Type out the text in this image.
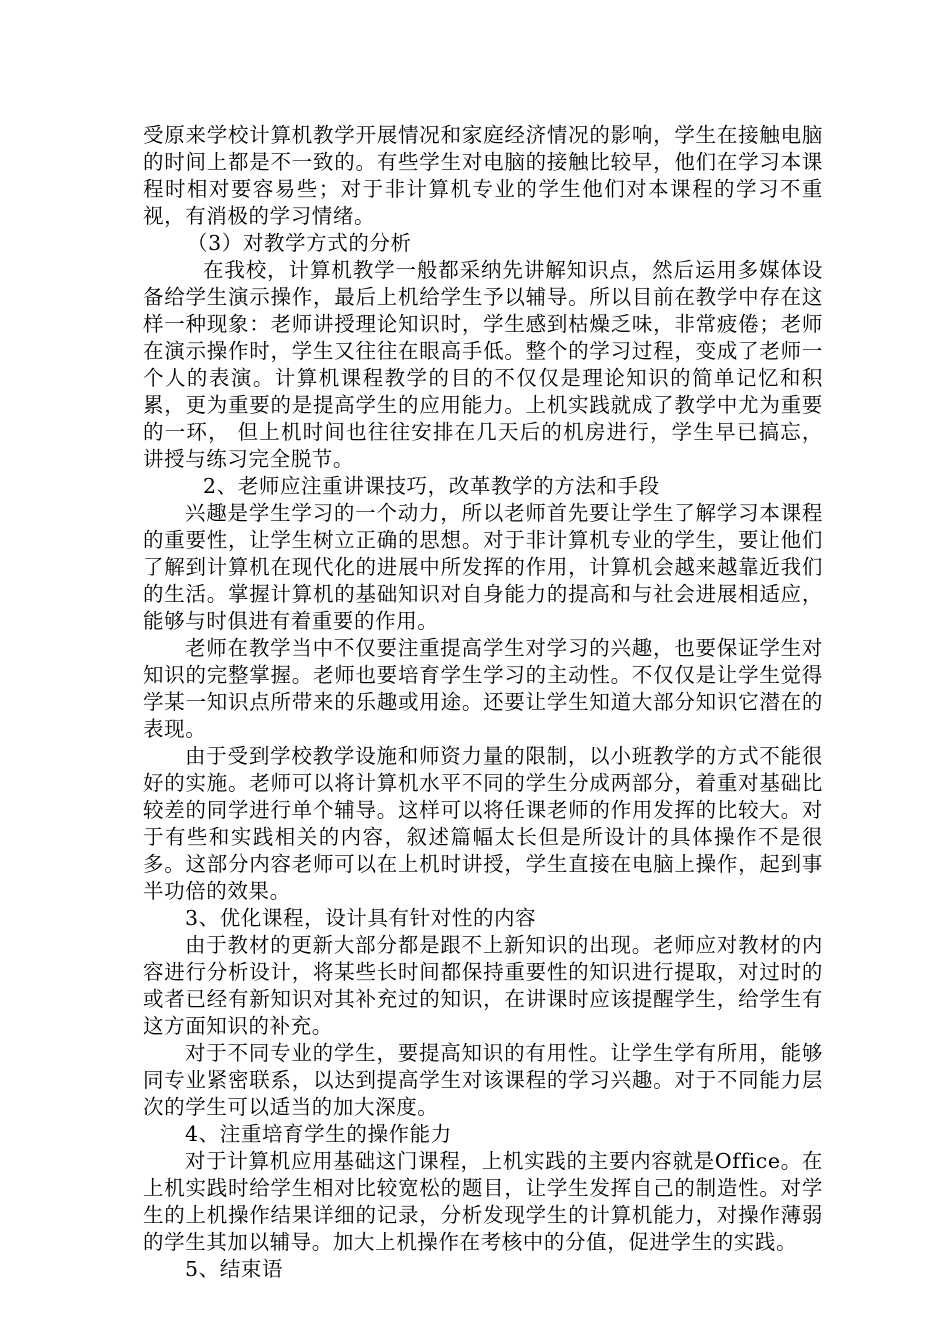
受原来学校计算机教学开展情况和家庭经济情况的影响，学生在接触电脑的时间上都是不一致的。有些学生对电脑的接触比较早，他们在学习本课程时相对要容易些；对于非计算机专业的学生他们对本课程的学习不重视，有消极的学习情绪。

（3）对教学方式的分析

在我校，计算机教学一般都采纳先讲解知识点，然后运用多媒体设备给学生演示操作，最后上机给学生予以辅导。所以目前在教学中存在这样一种现象：老师讲授理论知识时，学生感到枯燥乏味，非常疲倦；老师在演示操作时，学生又往往在眼高手低。整个的学习过程，变成了老师一个人的表演。计算机课程教学的目的不仅仅是理论知识的简单记忆和积累，更为重要的是提高学生的应用能力。上机实践就成了教学中尤为重要的一环， 但上机时间也往往安排在几天后的机房进行，学生早已搞忘，讲授与练习完全脱节。

2、老师应注重讲课技巧，改革教学的方法和手段

兴趣是学生学习的一个动力，所以老师首先要让学生了解学习本课程的重要性，让学生树立正确的思想。对于非计算机专业的学生，要让他们了解到计算机在现代化的进展中所发挥的作用，计算机会越来越靠近我们的生活。掌握计算机的基础知识对自身能力的提高和与社会进展相适应，能够与时俱进有着重要的作用。

老师在教学当中不仅要注重提高学生对学习的兴趣，也要保证学生对知识的完整掌握。老师也要培育学生学习的主动性。不仅仅是让学生觉得学某一知识点所带来的乐趣或用途。还要让学生知道大部分知识它潜在的表现。

由于受到学校教学设施和师资力量的限制，以小班教学的方式不能很好的实施。老师可以将计算机水平不同的学生分成两部分，着重对基础比较差的同学进行单个辅导。这样可以将任课老师的作用发挥的比较大。对于有些和实践相关的内容，叙述篇幅太长但是所设计的具体操作不是很多。这部分内容老师可以在上机时讲授，学生直接在电脑上操作，起到事半功倍的效果。

3、优化课程，设计具有针对性的内容

由于教材的更新大部分都是跟不上新知识的出现。老师应对教材的内容进行分析设计，将某些长时间都保持重要性的知识进行提取，对过时的或者已经有新知识对其补充过的知识，在讲课时应该提醒学生，给学生有这方面知识的补充。

对于不同专业的学生，要提高知识的有用性。让学生学有所用，能够同专业紧密联系，以达到提高学生对该课程的学习兴趣。对于不同能力层次的学生可以适当的加大深度。

4、注重培育学生的操作能力

对于计算机应用基础这门课程，上机实践的主要内容就是Office。在上机实践时给学生相对比较宽松的题目，让学生发挥自己的制造性。对学生的上机操作结果详细的记录，分析发现学生的计算机能力，对操作薄弱的学生其加以辅导。加大上机操作在考核中的分值，促进学生的实践。

5、结束语
